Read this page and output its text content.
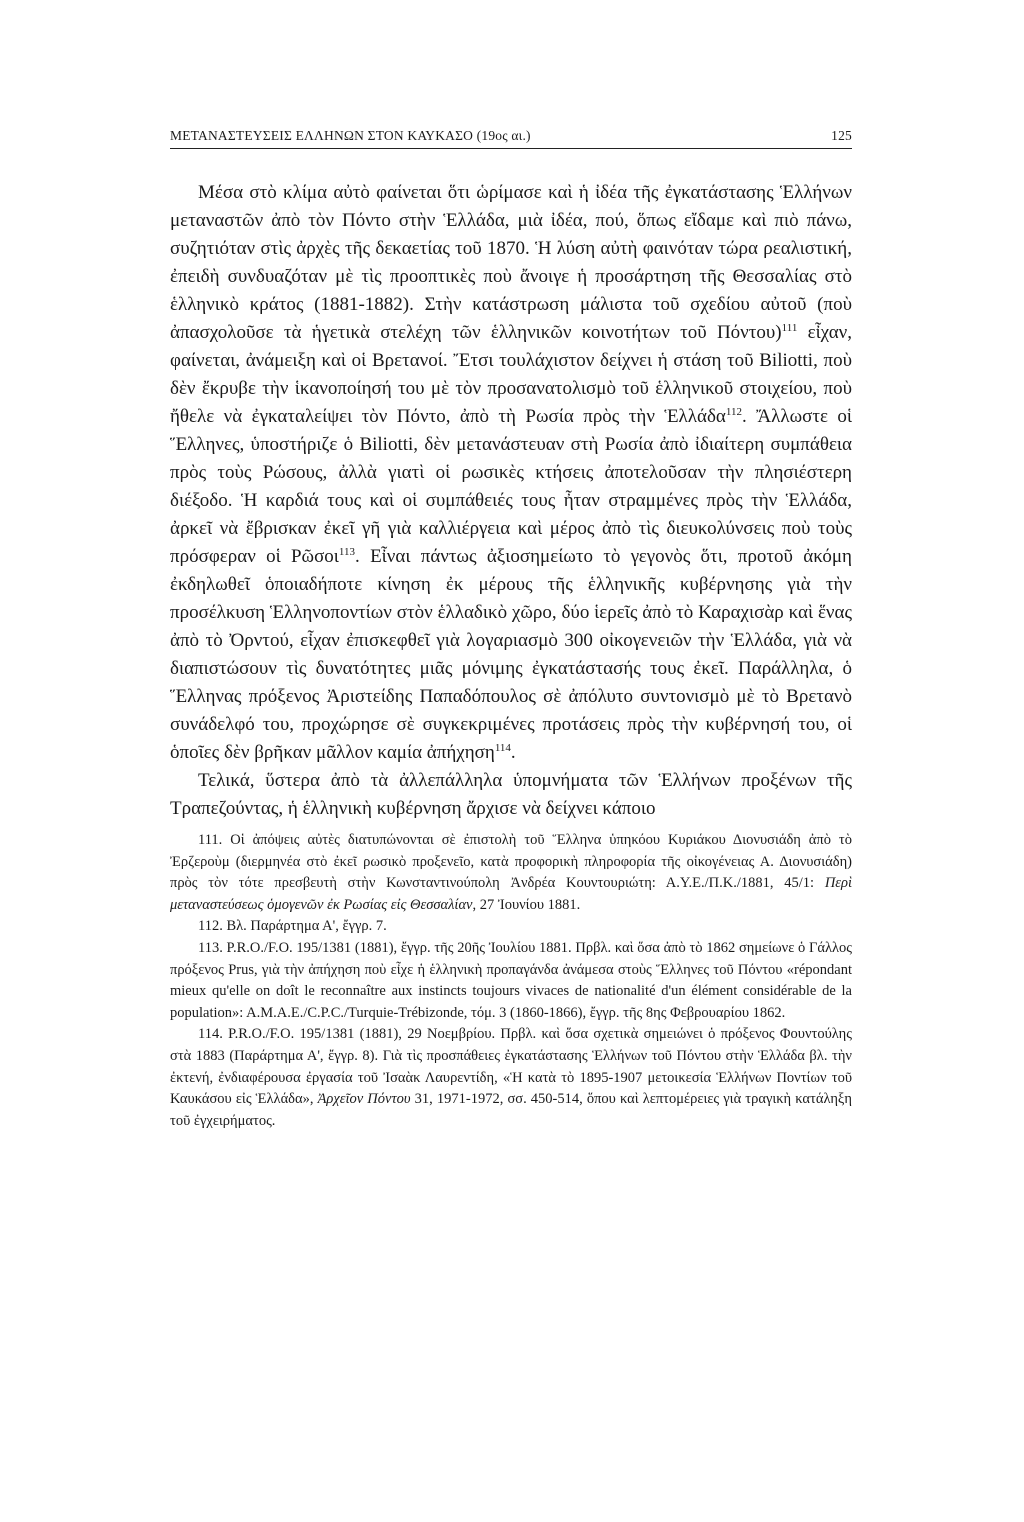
ΜΕΤΑΝΑΣΤΕΥΣΕΙΣ ΕΛΛΗΝΩΝ ΣΤΟΝ ΚΑΥΚΑΣΟ (19ος αι.)	125

Μέσα στὸ κλίμα αὐτὸ φαίνεται ὅτι ὡρίμασε καὶ ἡ ἰδέα τῆς ἐγκατάστασης Ἑλλήνων μεταναστῶν ἀπὸ τὸν Πόντο στὴν Ἑλλάδα, μιὰ ἰδέα, πού, ὅπως εἴδαμε καὶ πιὸ πάνω, συζητιόταν στὶς ἀρχὲς τῆς δεκαετίας τοῦ 1870. Ἡ λύση αὐτὴ φαινόταν τώρα ρεαλιστική, ἐπειδὴ συνδυαζόταν μὲ τὶς προοπτικὲς ποὺ ἄνοιγε ἡ προσάρτηση τῆς Θεσσαλίας στὸ ἑλληνικὸ κράτος (1881-1882). Στὴν κατάστρωση μάλιστα τοῦ σχεδίου αὐτοῦ (ποὺ ἀπασχολοῦσε τὰ ἡγετικὰ στελέχη τῶν ἑλληνικῶν κοινοτήτων τοῦ Πόντου)$^{111}$ εἶχαν, φαίνεται, ἀνάμειξη καὶ οἱ Βρετανοί. Ἔτσι τουλάχιστον δείχνει ἡ στάση τοῦ Biliotti, ποὺ δὲν ἔκρυβε τὴν ἱκανοποίησή του μὲ τὸν προσανατολισμὸ τοῦ ἑλληνικοῦ στοιχείου, ποὺ ἤθελε νὰ ἐγκαταλείψει τὸν Πόντο, ἀπὸ τὴ Ρωσία πρὸς τὴν Ἑλλάδα$^{112}$. Ἄλλωστε οἱ Ἕλληνες, ὑποστήριζε ὁ Biliotti, δὲν μετανάστευαν στὴ Ρωσία ἀπὸ ἰδιαίτερη συμπάθεια πρὸς τοὺς Ρώσους, ἀλλὰ γιατὶ οἱ ρωσικὲς κτήσεις ἀποτελοῦσαν τὴν πλησιέστερη διέξοδο. Ἡ καρδιά τους καὶ οἱ συμπάθειές τους ἦταν στραμμένες πρὸς τὴν Ἑλλάδα, ἀρκεῖ νὰ ἔβρισκαν ἐκεῖ γῆ γιὰ καλλιέργεια καὶ μέρος ἀπὸ τὶς διευκολύνσεις ποὺ τοὺς πρόσφεραν οἱ Ρῶσοι$^{113}$. Εἶναι πάντως ἀξιοσημείωτο τὸ γεγονὸς ὅτι, προτοῦ ἀκόμη ἐκδηλωθεῖ ὁποιαδήποτε κίνηση ἐκ μέρους τῆς ἑλληνικῆς κυβέρνησης γιὰ τὴν προσέλκυση Ἑλληνοποντίων στὸν ἑλλαδικὸ χῶρο, δύο ἱερεῖς ἀπὸ τὸ Καραχισὰρ καὶ ἕνας ἀπὸ τὸ Ὀρντού, εἶχαν ἐπισκεφθεῖ γιὰ λογαριασμὸ 300 οἰκογενειῶν τὴν Ἑλλάδα, γιὰ νὰ διαπιστώσουν τὶς δυνατότητες μιᾶς μόνιμης ἐγκατάστασής τους ἐκεῖ. Παράλληλα, ὁ Ἕλληνας πρόξενος Ἀριστείδης Παπαδόπουλος σὲ ἀπόλυτο συντονισμὸ μὲ τὸ Βρετανὸ συνάδελφό του, προχώρησε σὲ συγκεκριμένες προτάσεις πρὸς τὴν κυβέρνησή του, οἱ ὁποῖες δὲν βρῆκαν μᾶλλον καμία ἀπήχηση$^{114}$.

Τελικά, ὕστερα ἀπὸ τὰ ἀλλεπάλληλα ὑπομνήματα τῶν Ἑλλήνων προξένων τῆς Τραπεζούντας, ἡ ἑλληνικὴ κυβέρνηση ἄρχισε νὰ δείχνει κάποιο

111. Οἱ ἀπόψεις αὐτὲς διατυπώνονται σὲ ἐπιστολὴ τοῦ Ἕλληνα ὑπηκόου Κυριάκου Διονυσιάδη ἀπὸ τὸ Ἐρζεροὺμ (διερμηνέα στὸ ἐκεῖ ρωσικὸ προξενεῖο, κατὰ προφορικὴ πληροφορία τῆς οἰκογένειας Α. Διονυσιάδη) πρὸς τὸν τότε πρεσβευτὴ στὴν Κωνσταντινούπολη Ἀνδρέα Κουντουριώτη: Α.Υ.Ε./Π.Κ./1881, 45/1: Περὶ μεταναστεύσεως ὁμογενῶν ἐκ Ρωσίας εἰς Θεσσαλίαν, 27 Ἰουνίου 1881.

112. Βλ. Παράρτημα Α', ἔγγρ. 7.

113. P.R.O./F.O. 195/1381 (1881), ἔγγρ. τῆς 20ῆς Ἰουλίου 1881. Πρβλ. καὶ ὅσα ἀπὸ τὸ 1862 σημείωνε ὁ Γάλλος πρόξενος Prus, γιὰ τὴν ἀπήχηση ποὺ εἶχε ἡ ἑλληνικὴ προπαγάνδα ἀνάμεσα στοὺς Ἕλληνες τοῦ Πόντου «répondant mieux qu'elle on doît le reconnaître aux instincts toujours vivaces de nationalité d'un élément considérable de la population»: A.M.A.E./C.P.C./Turquie-Trébizonde, τόμ. 3 (1860-1866), ἔγγρ. τῆς 8ης Φεβρουαρίου 1862.

114. P.R.O./F.O. 195/1381 (1881), 29 Νοεμβρίου. Πρβλ. καὶ ὅσα σχετικὰ σημειώνει ὁ πρόξενος Φουντούλης στὰ 1883 (Παράρτημα Α', ἔγγρ. 8). Γιὰ τὶς προσπάθειες ἐγκατάστασης Ἑλλήνων τοῦ Πόντου στὴν Ἑλλάδα βλ. τὴν ἐκτενή, ἐνδιαφέρουσα ἐργασία τοῦ Ἰσαὰκ Λαυρεντίδη, «Ἡ κατὰ τὸ 1895-1907 μετοικεσία Ἑλλήνων Ποντίων τοῦ Καυκάσου εἰς Ἑλλάδα», Ἀρχεῖον Πόντου 31, 1971-1972, σσ. 450-514, ὅπου καὶ λεπτομέρειες γιὰ τραγικὴ κατάληξη τοῦ ἐγχειρήματος.
